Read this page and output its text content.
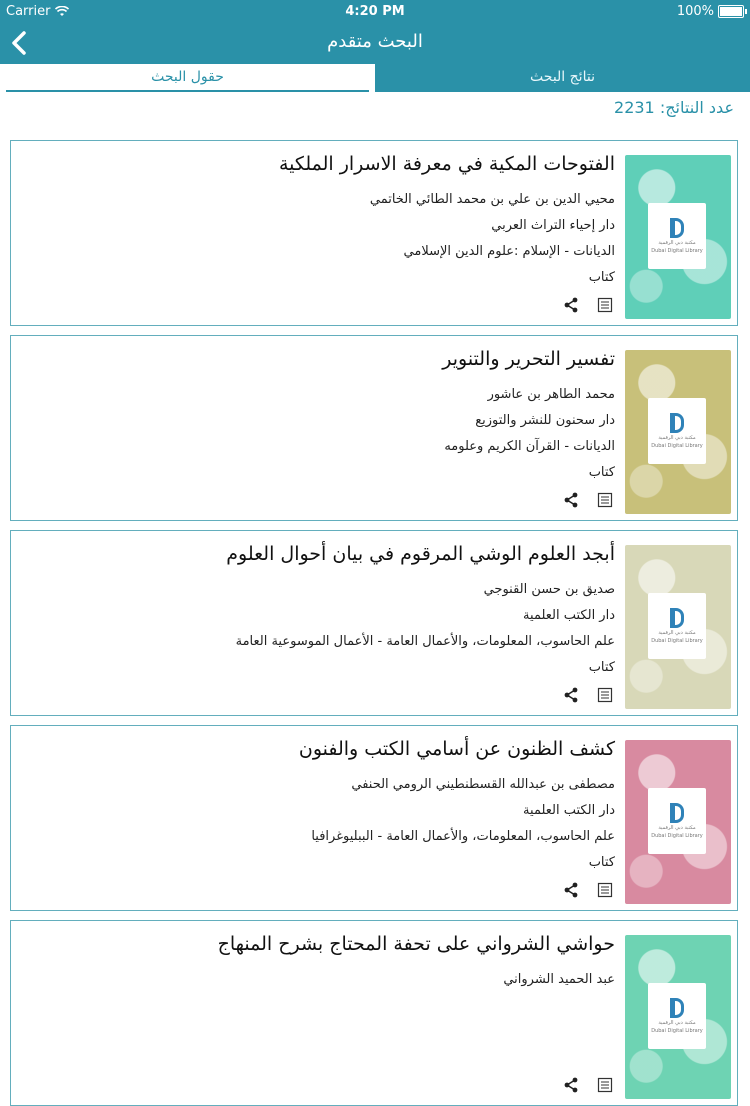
Carrier	4:20 PM	100%
البحث متقدم
حقول البحث	نتائج البحث
عدد النتائج: 2231
مكتبة دبي الرقمية
Dubai Digital Library
الفتوحات المكية في معرفة الاسرار الملكية
محيي الدين بن علي بن محمد الطائي الخاتمي
دار إحياء التراث العربي
الديانات - الإسلام :علوم الدين الإسلامي
كتاب
مكتبة دبي الرقمية
Dubai Digital Library
تفسير التحرير والتنوير
محمد الطاهر بن عاشور
دار سحنون للنشر والتوزيع
الديانات - القرآن الكريم وعلومه
كتاب
مكتبة دبي الرقمية
Dubai Digital Library
أبجد العلوم الوشي المرقوم في بيان أحوال العلوم
صديق بن حسن القنوجي
دار الكتب العلمية
علم الحاسوب، المعلومات، والأعمال العامة - الأعمال الموسوعية العامة
كتاب
مكتبة دبي الرقمية
Dubai Digital Library
كشف الظنون عن أسامي الكتب والفنون
مصطفى بن عبدالله القسطنطيني الرومي الحنفي
دار الكتب العلمية
علم الحاسوب، المعلومات، والأعمال العامة - الببليوغرافيا
كتاب
مكتبة دبي الرقمية
Dubai Digital Library
حواشي الشرواني على تحفة المحتاج بشرح المنهاج
عبد الحميد الشرواني
